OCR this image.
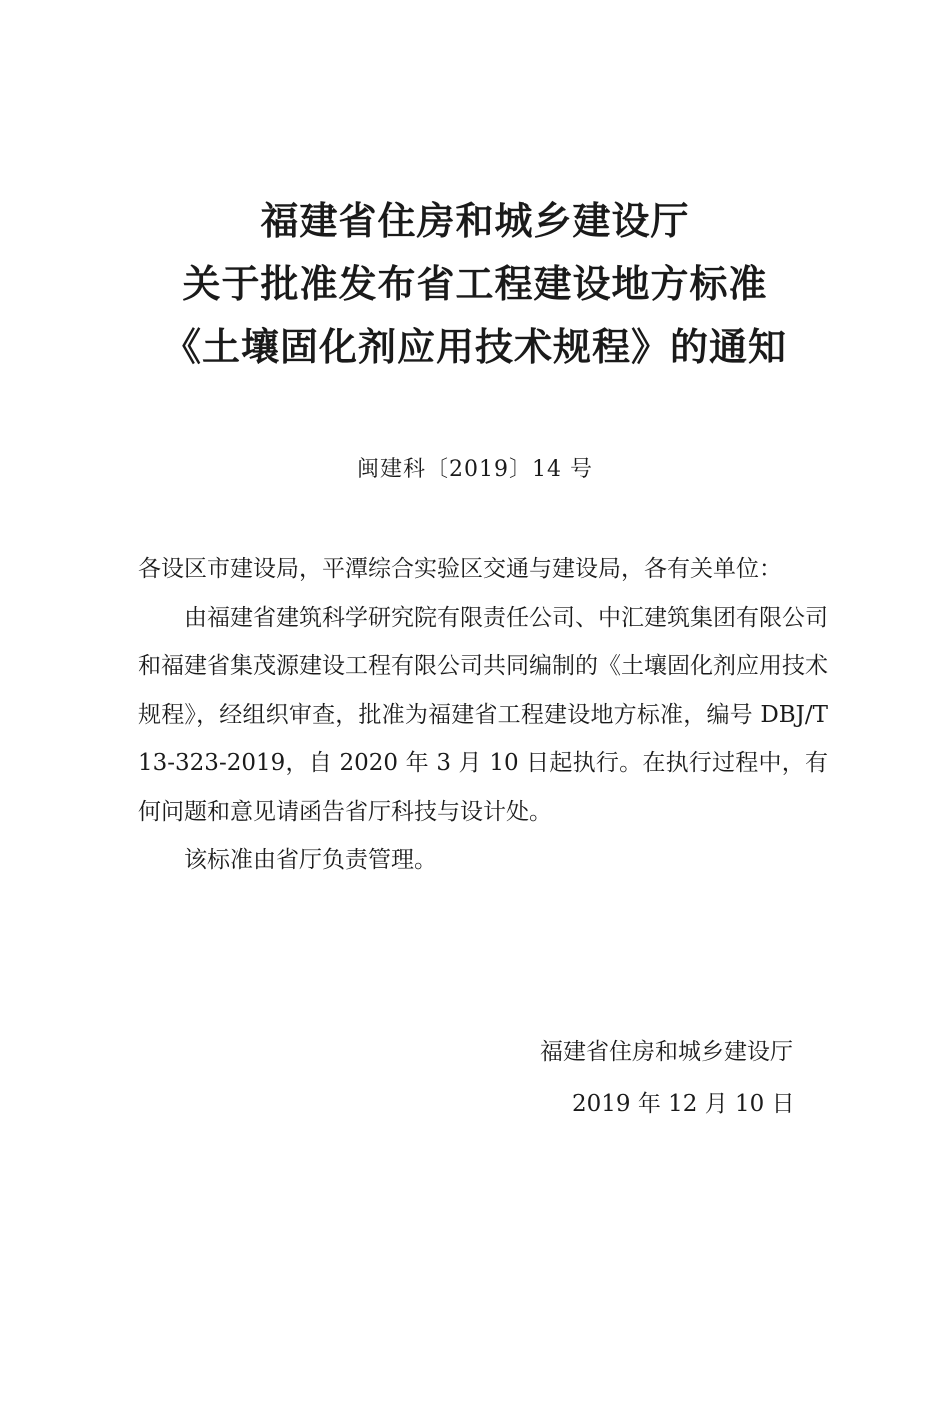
福建省住房和城乡建设厅
关于批准发布省工程建设地方标准
《土壤固化剂应用技术规程》的通知
闽建科〔2019〕14 号

各设区市建设局，平潭综合实验区交通与建设局，各有关单位：

由福建省建筑科学研究院有限责任公司、中汇建筑集团有限公司和福建省集茂源建设工程有限公司共同编制的《土壤固化剂应用技术规程》，经组织审查，批准为福建省工程建设地方标准，编号 DBJ/T 13-323-2019，自 2020 年 3 月 10 日起执行。在执行过程中，有何问题和意见请函告省厅科技与设计处。

该标准由省厅负责管理。

福建省住房和城乡建设厅
2019 年 12 月 10 日
